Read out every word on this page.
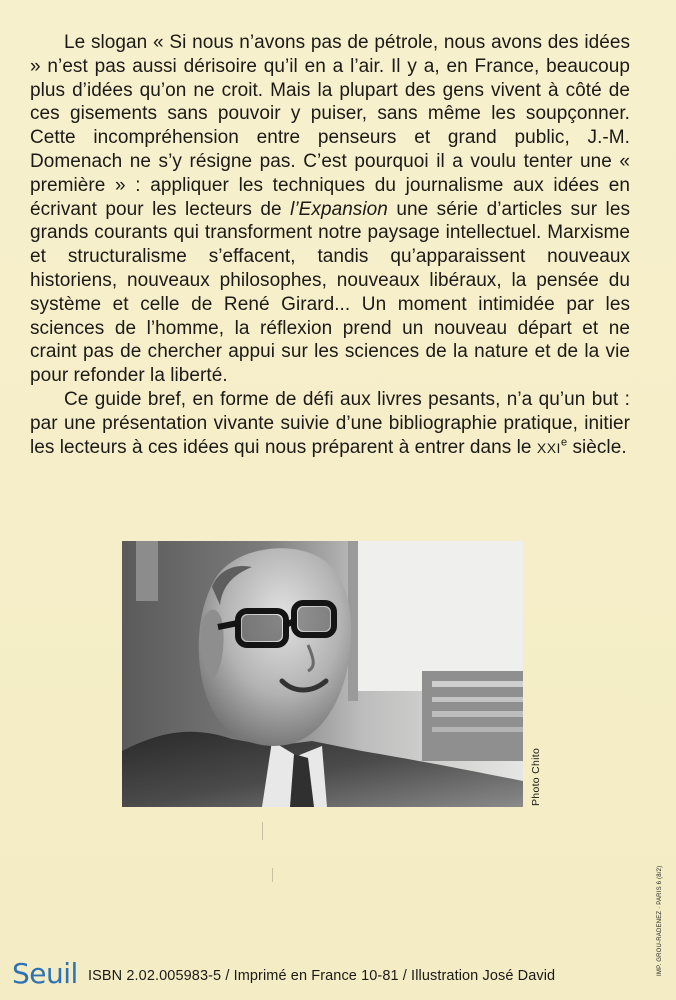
Le slogan « Si nous n’avons pas de pétrole, nous avons des idées » n’est pas aussi dérisoire qu’il en a l’air. Il y a, en France, beaucoup plus d’idées qu’on ne croit. Mais la plupart des gens vivent à côté de ces gisements sans pouvoir y puiser, sans même les soupçonner. Cette incompréhension entre penseurs et grand public, J.-M. Domenach ne s’y résigne pas. C’est pourquoi il a voulu tenter une « première » : appliquer les techniques du journalisme aux idées en écrivant pour les lecteurs de l’Expansion une série d’articles sur les grands courants qui transforment notre paysage intellectuel. Marxisme et structuralisme s’effacent, tandis qu’apparaissent nouveaux historiens, nouveaux philosophes, nouveaux libéraux, la pensée du système et celle de René Girard... Un moment intimidée par les sciences de l’homme, la réflexion prend un nouveau départ et ne craint pas de chercher appui sur les sciences de la nature et de la vie pour refonder la liberté.

Ce guide bref, en forme de défi aux livres pesants, n’a qu’un but : par une présentation vivante suivie d’une bibliographie pratique, initier les lecteurs à ces idées qui nous préparent à entrer dans le XXIe siècle.

Photo Chito
IMP. GROU-RADENEZ · PARIS 6 (8/2)
Seuil ISBN 2.02.005983-5 / Imprimé en France 10-81 / Illustration José David
